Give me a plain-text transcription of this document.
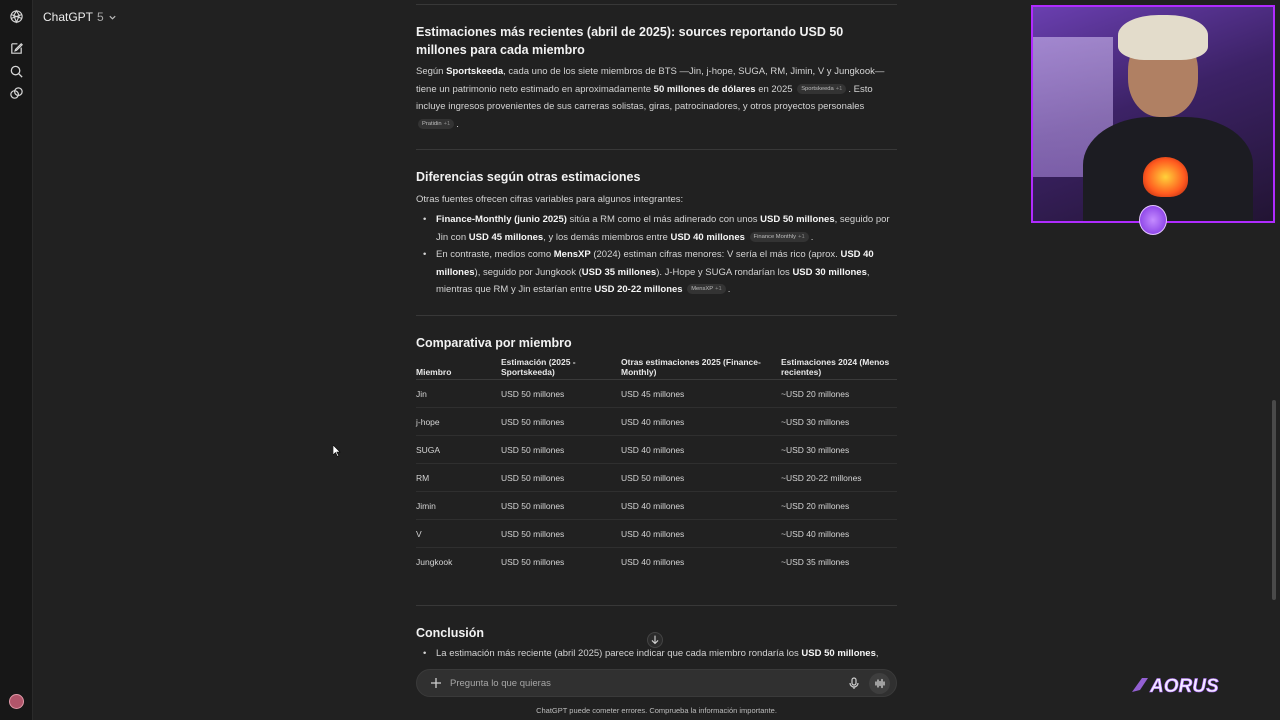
ChatGPT 5
Estimaciones más recientes (abril de 2025): sources reportando USD 50 millones para cada miembro
Según Sportskeeda, cada uno de los siete miembros de BTS —Jin, j-hope, SUGA, RM, Jimin, V y Jungkook— tiene un patrimonio neto estimado en aproximadamente 50 millones de dólares en 2025 Sportskeeda +1 . Esto incluye ingresos provenientes de sus carreras solistas, giras, patrocinadores, y otros proyectos personales Pratidin +1 .
Diferencias según otras estimaciones
Otras fuentes ofrecen cifras variables para algunos integrantes:
• Finance-Monthly (junio 2025) sitúa a RM como el más adinerado con unos USD 50 millones, seguido por Jin con USD 45 millones, y los demás miembros entre USD 40 millones Finance Monthly +1 .
• En contraste, medios como MensXP (2024) estiman cifras menores: V sería el más rico (aprox. USD 40 millones), seguido por Jungkook (USD 35 millones). J-Hope y SUGA rondarían los USD 30 millones, mientras que RM y Jin estarían entre USD 20-22 millones MensXP +1 .
Comparativa por miembro
Miembro	Estimación (2025 - Sportskeeda)	Otras estimaciones 2025 (Finance-Monthly)	Estimaciones 2024 (Menos recientes)
Jin	USD 50 millones	USD 45 millones	~USD 20 millones
j-hope	USD 50 millones	USD 40 millones	~USD 30 millones
SUGA	USD 50 millones	USD 40 millones	~USD 30 millones
RM	USD 50 millones	USD 50 millones	~USD 20-22 millones
Jimin	USD 50 millones	USD 40 millones	~USD 20 millones
V	USD 50 millones	USD 40 millones	~USD 40 millones
Jungkook	USD 50 millones	USD 40 millones	~USD 35 millones
Conclusión
• La estimación más reciente (abril 2025) parece indicar que cada miembro rondaría los USD 50 millones,
Pregunta lo que quieras
ChatGPT puede cometer errores. Comprueba la información importante.
AORUS
